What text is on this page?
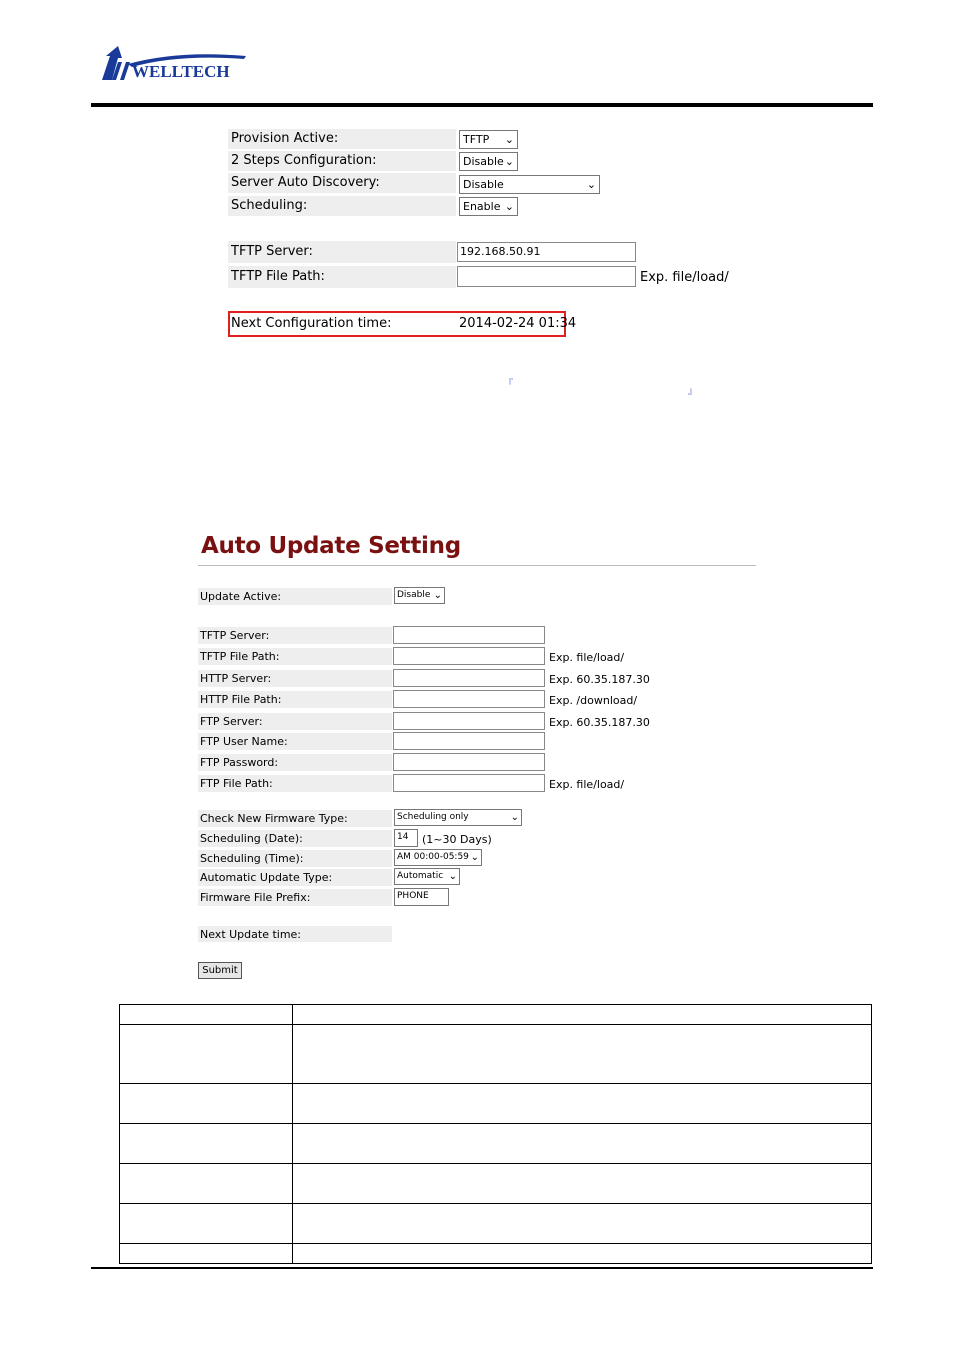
WELLTECH
Provision Active:	TFTP ⌄
2 Steps Configuration:	Disable ⌄
Server Auto Discovery:	Disable	⌄
Scheduling:	Enable ⌄
TFTP Server:	192.168.50.91
TFTP File Path:	Exp. file/load/
Next Configuration time:	2014-02-24 01:34
『
』
Auto Update Setting
Update Active:	Disable ⌄
TFTP Server:
TFTP File Path:	Exp. file/load/
HTTP Server:	Exp. 60.35.187.30
HTTP File Path:	Exp. /download/
FTP Server:	Exp. 60.35.187.30
FTP User Name:
FTP Password:
FTP File Path:	Exp. file/load/
Check New Firmware Type:	Scheduling only	⌄
Scheduling (Date):	14	(1~30 Days)
Scheduling (Time):	AM 00:00-05:59 ⌄
Automatic Update Type:	Automatic ⌄
Firmware File Prefix:	PHONE
Next Update time:
Submit
